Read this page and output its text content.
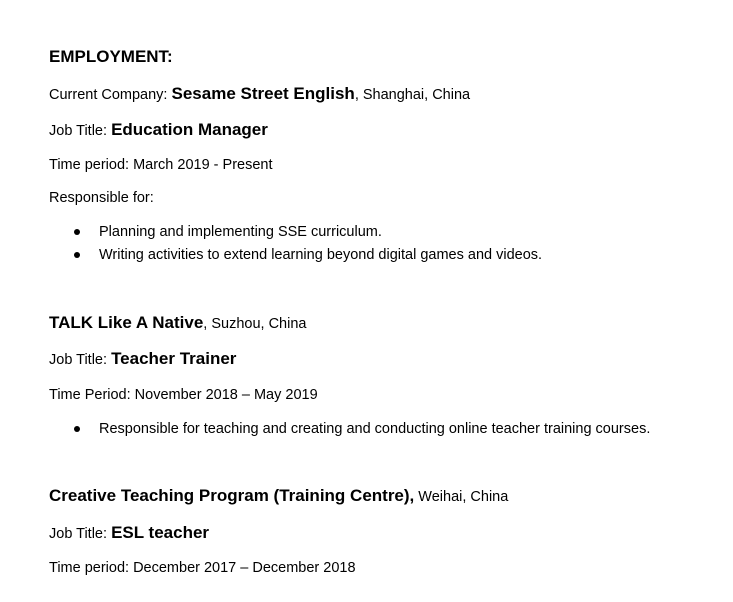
EMPLOYMENT:
Current Company: Sesame Street English, Shanghai, China
Job Title: Education Manager
Time period: March 2019 - Present
Responsible for:
Planning and implementing SSE curriculum.
Writing activities to extend learning beyond digital games and videos.
TALK Like A Native, Suzhou, China
Job Title: Teacher Trainer
Time Period: November 2018 – May 2019
Responsible for teaching and creating and conducting online teacher training courses.
Creative Teaching Program (Training Centre), Weihai, China
Job Title: ESL teacher
Time period: December 2017 – December 2018
